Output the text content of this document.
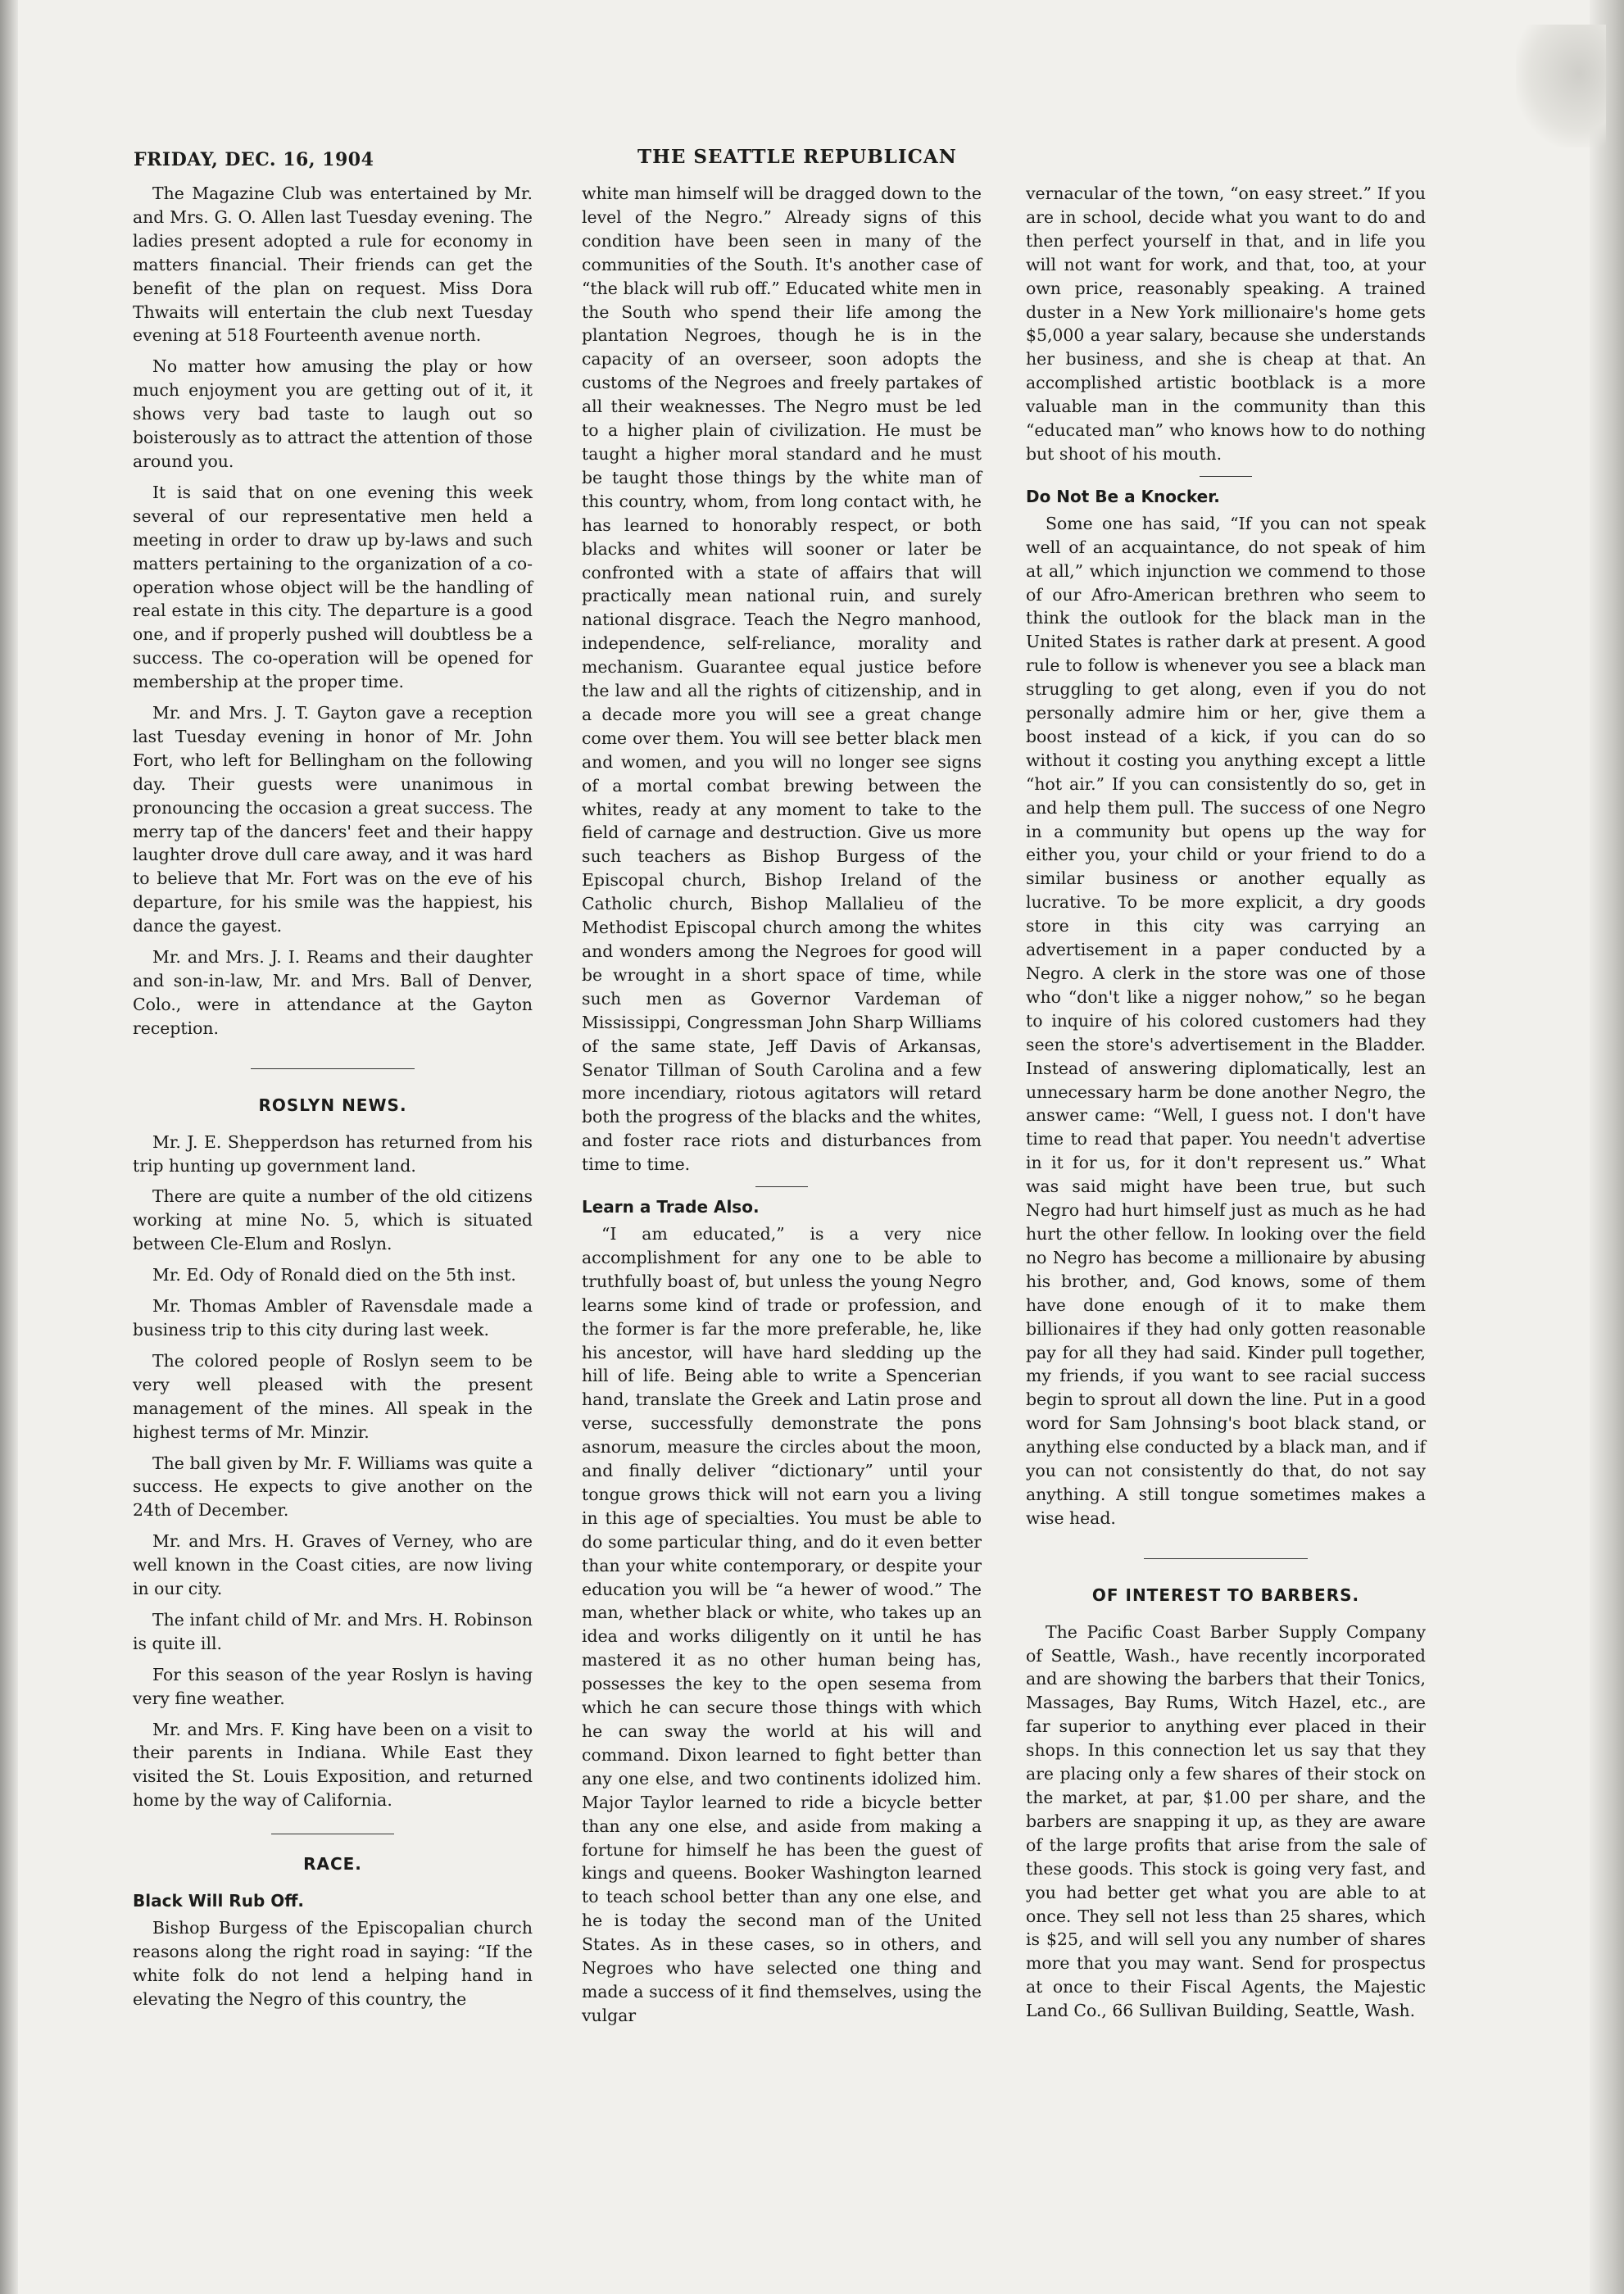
FRIDAY, DEC. 16, 1904	THE SEATTLE REPUBLICAN

The Magazine Club was entertained by Mr. and Mrs. G. O. Allen last Tuesday evening. The ladies present adopted a rule for economy in matters financial. Their friends can get the benefit of the plan on request. Miss Dora Thwaits will entertain the club next Tuesday evening at 518 Fourteenth avenue north.

No matter how amusing the play or how much enjoyment you are getting out of it, it shows very bad taste to laugh out so boisterously as to attract the attention of those around you.

It is said that on one evening this week several of our representative men held a meeting in order to draw up by-laws and such matters pertaining to the organization of a co-operation whose object will be the handling of real estate in this city. The departure is a good one, and if properly pushed will doubtless be a success. The co-operation will be opened for membership at the proper time.

Mr. and Mrs. J. T. Gayton gave a reception last Tuesday evening in honor of Mr. John Fort, who left for Bellingham on the following day. Their guests were unanimous in pronouncing the occasion a great success. The merry tap of the dancers' feet and their happy laughter drove dull care away, and it was hard to believe that Mr. Fort was on the eve of his departure, for his smile was the happiest, his dance the gayest.

Mr. and Mrs. J. I. Reams and their daughter and son-in-law, Mr. and Mrs. Ball of Denver, Colo., were in attendance at the Gayton reception.

ROSLYN NEWS.

Mr. J. E. Shepperdson has returned from his trip hunting up government land.

There are quite a number of the old citizens working at mine No. 5, which is situated between Cle-Elum and Roslyn.

Mr. Ed. Ody of Ronald died on the 5th inst.

Mr. Thomas Ambler of Ravensdale made a business trip to this city during last week.

The colored people of Roslyn seem to be very well pleased with the present management of the mines. All speak in the highest terms of Mr. Minzir.

The ball given by Mr. F. Williams was quite a success. He expects to give another on the 24th of December.

Mr. and Mrs. H. Graves of Verney, who are well known in the Coast cities, are now living in our city.

The infant child of Mr. and Mrs. H. Robinson is quite ill.

For this season of the year Roslyn is having very fine weather.

Mr. and Mrs. F. King have been on a visit to their parents in Indiana. While East they visited the St. Louis Exposition, and returned home by the way of California.

RACE.
Black Will Rub Off.

Bishop Burgess of the Episcopalian church reasons along the right road in saying: “If the white folk do not lend a helping hand in elevating the Negro of this country, the

white man himself will be dragged down to the level of the Negro.” Already signs of this condition have been seen in many of the communities of the South. It's another case of “the black will rub off.” Educated white men in the South who spend their life among the plantation Negroes, though he is in the capacity of an overseer, soon adopts the customs of the Negroes and freely partakes of all their weaknesses. The Negro must be led to a higher plain of civilization. He must be taught a higher moral standard and he must be taught those things by the white man of this country, whom, from long contact with, he has learned to honorably respect, or both blacks and whites will sooner or later be confronted with a state of affairs that will practically mean national ruin, and surely national disgrace. Teach the Negro manhood, independence, self-reliance, morality and mechanism. Guarantee equal justice before the law and all the rights of citizenship, and in a decade more you will see a great change come over them. You will see better black men and women, and you will no longer see signs of a mortal combat brewing between the whites, ready at any moment to take to the field of carnage and destruction. Give us more such teachers as Bishop Burgess of the Episcopal church, Bishop Ireland of the Catholic church, Bishop Mallalieu of the Methodist Episcopal church among the whites and wonders among the Negroes for good will be wrought in a short space of time, while such men as Governor Vardeman of Mississippi, Congressman John Sharp Williams of the same state, Jeff Davis of Arkansas, Senator Tillman of South Carolina and a few more incendiary, riotous agitators will retard both the progress of the blacks and the whites, and foster race riots and disturbances from time to time.

Learn a Trade Also.

“I am educated,” is a very nice accomplishment for any one to be able to truthfully boast of, but unless the young Negro learns some kind of trade or profession, and the former is far the more preferable, he, like his ancestor, will have hard sledding up the hill of life. Being able to write a Spencerian hand, translate the Greek and Latin prose and verse, successfully demonstrate the pons asnorum, measure the circles about the moon, and finally deliver “dictionary” until your tongue grows thick will not earn you a living in this age of specialties. You must be able to do some particular thing, and do it even better than your white contemporary, or despite your education you will be “a hewer of wood.” The man, whether black or white, who takes up an idea and works diligently on it until he has mastered it as no other human being has, possesses the key to the open sesema from which he can secure those things with which he can sway the world at his will and command. Dixon learned to fight better than any one else, and two continents idolized him. Major Taylor learned to ride a bicycle better than any one else, and aside from making a fortune for himself he has been the guest of kings and queens. Booker Washington learned to teach school better than any one else, and he is today the second man of the United States. As in these cases, so in others, and Negroes who have selected one thing and made a success of it find themselves, using the vulgar

vernacular of the town, “on easy street.” If you are in school, decide what you want to do and then perfect yourself in that, and in life you will not want for work, and that, too, at your own price, reasonably speaking. A trained duster in a New York millionaire's home gets $5,000 a year salary, because she understands her business, and she is cheap at that. An accomplished artistic bootblack is a more valuable man in the community than this “educated man” who knows how to do nothing but shoot of his mouth.

Do Not Be a Knocker.

Some one has said, “If you can not speak well of an acquaintance, do not speak of him at all,” which injunction we commend to those of our Afro-American brethren who seem to think the outlook for the black man in the United States is rather dark at present. A good rule to follow is whenever you see a black man struggling to get along, even if you do not personally admire him or her, give them a boost instead of a kick, if you can do so without it costing you anything except a little “hot air.” If you can consistently do so, get in and help them pull. The success of one Negro in a community but opens up the way for either you, your child or your friend to do a similar business or another equally as lucrative. To be more explicit, a dry goods store in this city was carrying an advertisement in a paper conducted by a Negro. A clerk in the store was one of those who “don't like a nigger nohow,” so he began to inquire of his colored customers had they seen the store's advertisement in the Bladder. Instead of answering diplomatically, lest an unnecessary harm be done another Negro, the answer came: “Well, I guess not. I don't have time to read that paper. You needn't advertise in it for us, for it don't represent us.” What was said might have been true, but such Negro had hurt himself just as much as he had hurt the other fellow. In looking over the field no Negro has become a millionaire by abusing his brother, and, God knows, some of them have done enough of it to make them billionaires if they had only gotten reasonable pay for all they had said. Kinder pull together, my friends, if you want to see racial success begin to sprout all down the line. Put in a good word for Sam Johnsing's boot black stand, or anything else conducted by a black man, and if you can not consistently do that, do not say anything. A still tongue sometimes makes a wise head.

OF INTEREST TO BARBERS.

The Pacific Coast Barber Supply Company of Seattle, Wash., have recently incorporated and are showing the barbers that their Tonics, Massages, Bay Rums, Witch Hazel, etc., are far superior to anything ever placed in their shops. In this connection let us say that they are placing only a few shares of their stock on the market, at par, $1.00 per share, and the barbers are snapping it up, as they are aware of the large profits that arise from the sale of these goods. This stock is going very fast, and you had better get what you are able to at once. They sell not less than 25 shares, which is $25, and will sell you any number of shares more that you may want. Send for prospectus at once to their Fiscal Agents, the Majestic Land Co., 66 Sullivan Building, Seattle, Wash.
